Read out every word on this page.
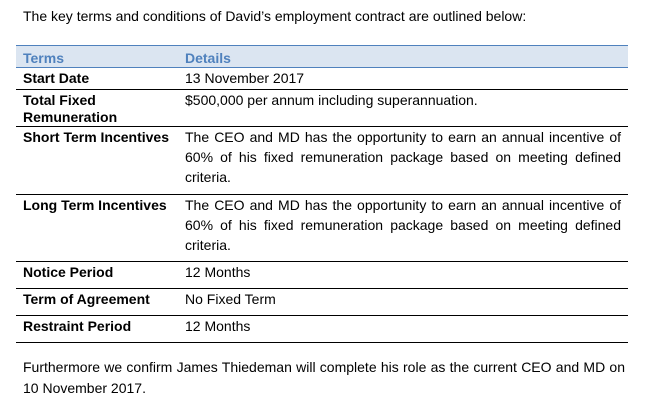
The key terms and conditions of David’s employment contract are outlined below:

Terms	Details
Start Date	13 November 2017
Total Fixed Remuneration	$500,000 per annum including superannuation.
Short Term Incentives	The CEO and MD has the opportunity to earn an annual incentive of 60% of his fixed remuneration package based on meeting defined criteria.
Long Term Incentives	The CEO and MD has the opportunity to earn an annual incentive of 60% of his fixed remuneration package based on meeting defined criteria.
Notice Period	12 Months
Term of Agreement	No Fixed Term
Restraint Period	12 Months

Furthermore we confirm James Thiedeman will complete his role as the current CEO and MD on 10 November 2017.
